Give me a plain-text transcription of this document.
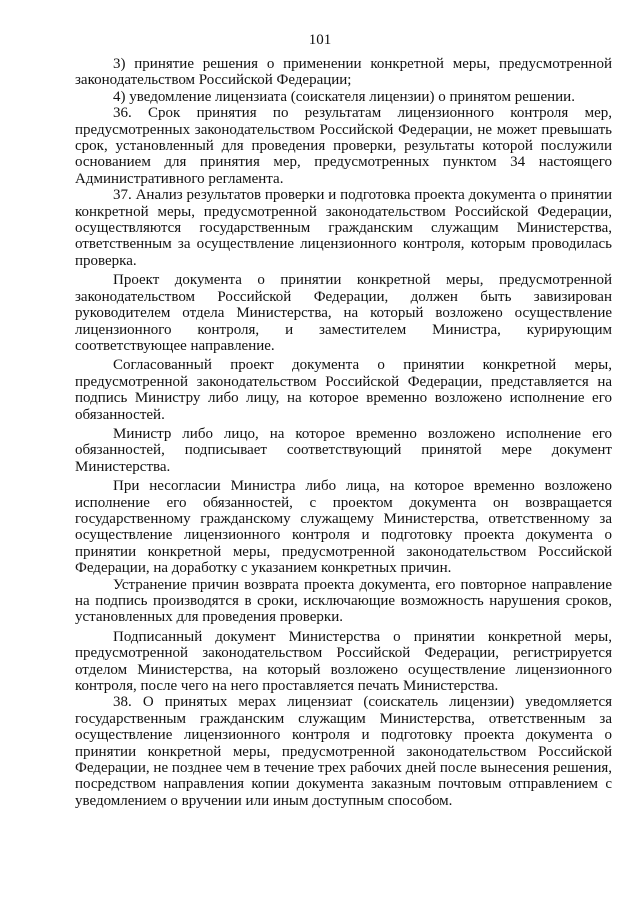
101

3) принятие решения о применении конкретной меры, предусмотренной законодательством Российской Федерации;

4) уведомление лицензиата (соискателя лицензии) о принятом решении.

36. Срок принятия по результатам лицензионного контроля мер, предусмотренных законодательством Российской Федерации, не может превышать срок, установленный для проведения проверки, результаты которой послужили основанием для принятия мер, предусмотренных пунктом 34 настоящего Административного регламента.

37. Анализ результатов проверки и подготовка проекта документа о принятии конкретной меры, предусмотренной законодательством Российской Федерации, осуществляются государственным гражданским служащим Министерства, ответственным за осуществление лицензионного контроля, которым проводилась проверка.

Проект документа о принятии конкретной меры, предусмотренной законодательством Российской Федерации, должен быть завизирован руководителем отдела Министерства, на который возложено осуществление лицензионного контроля, и заместителем Министра, курирующим соответствующее направление.

Согласованный проект документа о принятии конкретной меры, предусмотренной законодательством Российской Федерации, представляется на подпись Министру либо лицу, на которое временно возложено исполнение его обязанностей.

Министр либо лицо, на которое временно возложено исполнение его обязанностей, подписывает соответствующий принятой мере документ Министерства.

При несогласии Министра либо лица, на которое временно возложено исполнение его обязанностей, с проектом документа он возвращается государственному гражданскому служащему Министерства, ответственному за осуществление лицензионного контроля и подготовку проекта документа о принятии конкретной меры, предусмотренной законодательством Российской Федерации, на доработку с указанием конкретных причин.

Устранение причин возврата проекта документа, его повторное направление на подпись производятся в сроки, исключающие возможность нарушения сроков, установленных для проведения проверки.

Подписанный документ Министерства о принятии конкретной меры, предусмотренной законодательством Российской Федерации, регистрируется отделом Министерства, на который возложено осуществление лицензионного контроля, после чего на него проставляется печать Министерства.

38. О принятых мерах лицензиат (соискатель лицензии) уведомляется государственным гражданским служащим Министерства, ответственным за осуществление лицензионного контроля и подготовку проекта документа о принятии конкретной меры, предусмотренной законодательством Российской Федерации, не позднее чем в течение трех рабочих дней после вынесения решения, посредством направления копии документа заказным почтовым отправлением с уведомлением о вручении или иным доступным способом.
